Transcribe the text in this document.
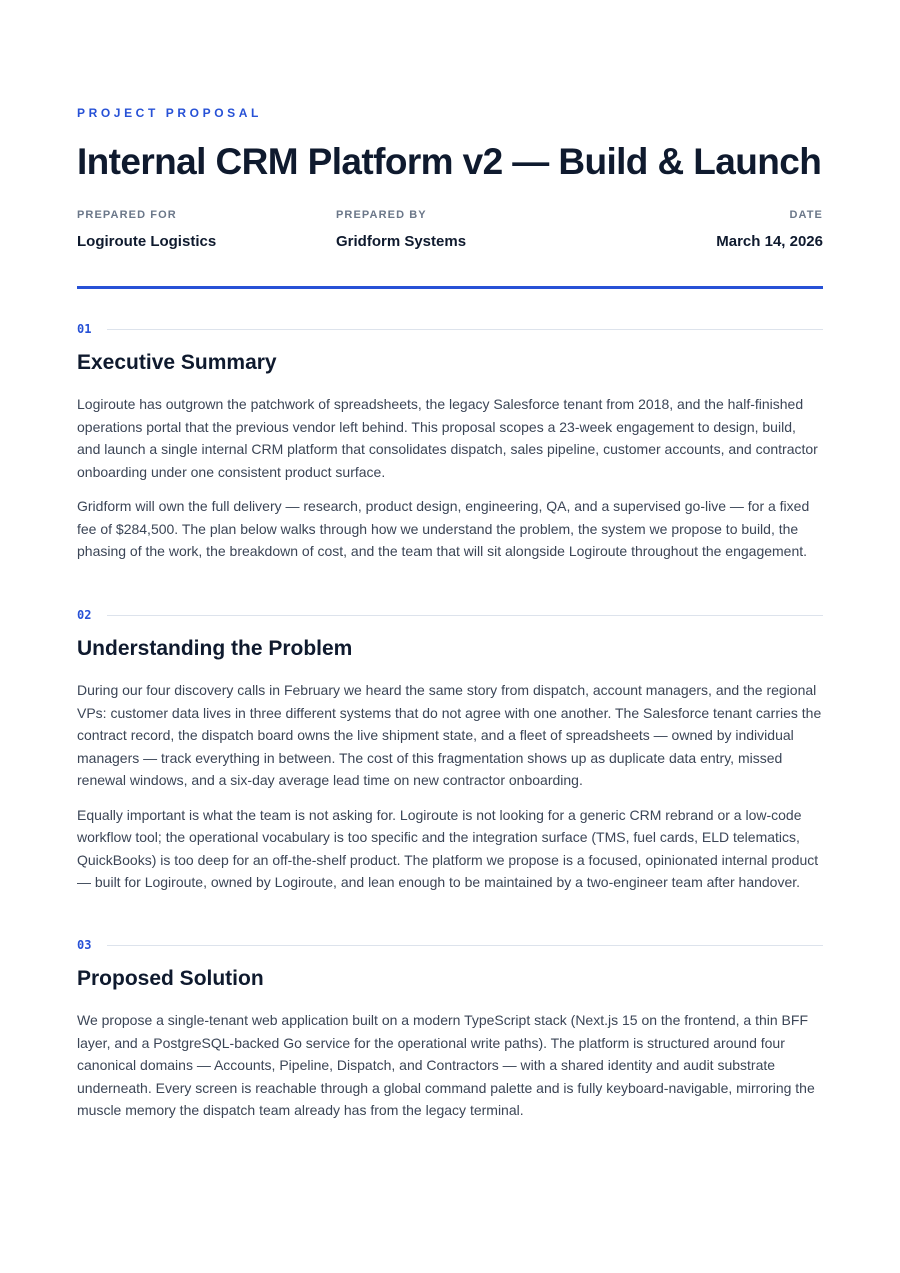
PROJECT PROPOSAL
Internal CRM Platform v2 — Build & Launch
PREPARED FOR
Logiroute Logistics
PREPARED BY
Gridform Systems
DATE
March 14, 2026
01
Executive Summary

Logiroute has outgrown the patchwork of spreadsheets, the legacy Salesforce tenant from 2018, and the half-finished operations portal that the previous vendor left behind. This proposal scopes a 23-week engagement to design, build, and launch a single internal CRM platform that consolidates dispatch, sales pipeline, customer accounts, and contractor onboarding under one consistent product surface.

Gridform will own the full delivery — research, product design, engineering, QA, and a supervised go-live — for a fixed fee of $284,500. The plan below walks through how we understand the problem, the system we propose to build, the phasing of the work, the breakdown of cost, and the team that will sit alongside Logiroute throughout the engagement.

02
Understanding the Problem

During our four discovery calls in February we heard the same story from dispatch, account managers, and the regional VPs: customer data lives in three different systems that do not agree with one another. The Salesforce tenant carries the contract record, the dispatch board owns the live shipment state, and a fleet of spreadsheets — owned by individual managers — track everything in between. The cost of this fragmentation shows up as duplicate data entry, missed renewal windows, and a six-day average lead time on new contractor onboarding.

Equally important is what the team is not asking for. Logiroute is not looking for a generic CRM rebrand or a low-code workflow tool; the operational vocabulary is too specific and the integration surface (TMS, fuel cards, ELD telematics, QuickBooks) is too deep for an off-the-shelf product. The platform we propose is a focused, opinionated internal product — built for Logiroute, owned by Logiroute, and lean enough to be maintained by a two-engineer team after handover.

03
Proposed Solution

We propose a single-tenant web application built on a modern TypeScript stack (Next.js 15 on the frontend, a thin BFF layer, and a PostgreSQL-backed Go service for the operational write paths). The platform is structured around four canonical domains — Accounts, Pipeline, Dispatch, and Contractors — with a shared identity and audit substrate underneath. Every screen is reachable through a global command palette and is fully keyboard-navigable, mirroring the muscle memory the dispatch team already has from the legacy terminal.
